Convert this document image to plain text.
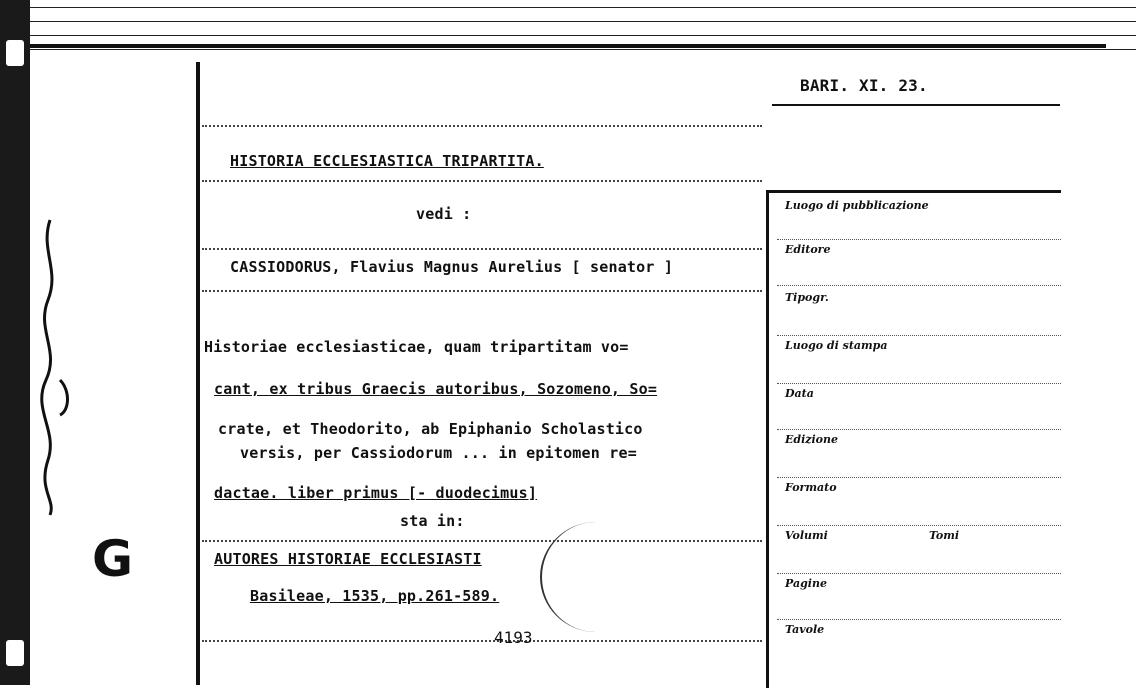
G
BARI. XI. 23.
HISTORIA ECCLESIASTICA TRIPARTITA.
vedi :
CASSIODORUS, Flavius Magnus Aurelius [ senator ]
Historiae ecclesiasticae, quam tripartitam vo=
cant, ex tribus Graecis autoribus, Sozomeno, So=
crate, et Theodorito, ab Epiphanio Scholastico
versis, per Cassiodorum ... in epitomen re=
dactae. liber primus [- duodecimus]
sta in:
AUTORES HISTORIAE ECCLESIASTI
Basileae, 1535, pp.261-589.
4193
Luogo di pubblicazione
Editore
Tipogr.
Luogo di stampa
Data
Edizione
Formato
Volumi	Tomi
Pagine
Tavole
